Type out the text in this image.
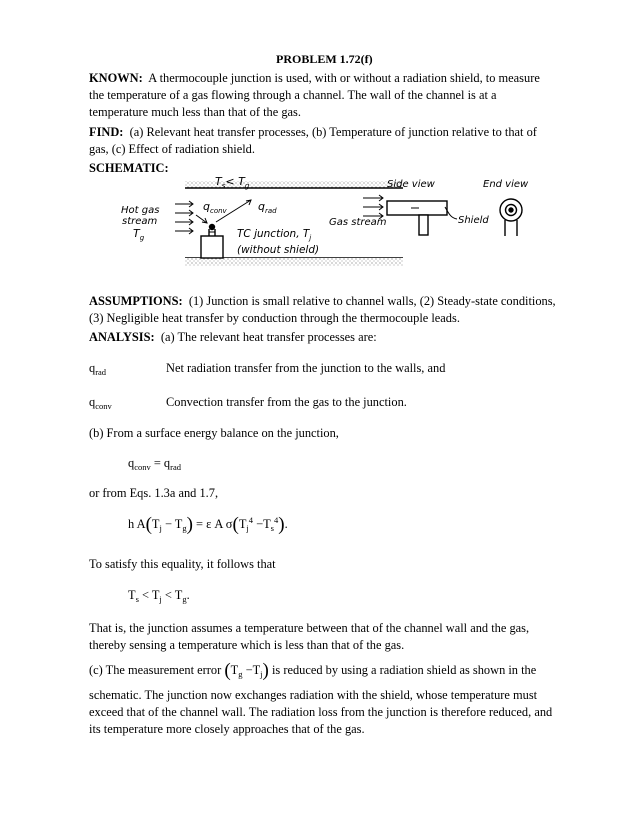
PROBLEM 1.72(f)
KNOWN: A thermocouple junction is used, with or without a radiation shield, to measure
the temperature of a gas flowing through a channel. The wall of the channel is at a
temperature much less than that of the gas.
FIND: (a) Relevant heat transfer processes, (b) Temperature of junction relative to that of
gas, (c) Effect of radiation shield.
SCHEMATIC:
$T_s< T_g$
$q_{conv}$	$q_{rad}$
Hot gas
stream
$T_g$	TC junction, $T_j$
(without shield)
Side view	End view
Gas stream	Shield
ASSUMPTIONS: (1) Junction is small relative to channel walls, (2) Steady-state conditions,
(3) Negligible heat transfer by conduction through the thermocouple leads.
ANALYSIS: (a) The relevant heat transfer processes are:
$q_{rad}$	Net radiation transfer from the junction to the walls, and
$q_{conv}$	Convection transfer from the gas to the junction.
(b) From a surface energy balance on the junction,
$q_{conv} = q_{rad}$
or from Eqs. 1.3a and 1.7,
h $A(T_j - T_g) = \varepsilon$ A $\sigma(T_j^4 -T_s^4)$.
To satisfy this equality, it follows that
$T_s < T_j < T_g$.
That is, the junction assumes a temperature between that of the channel wall and the gas,
thereby sensing a temperature which is less than that of the gas.
(c) The measurement error $(T_g -T_j)$ is reduced by using a radiation shield as shown in the
schematic. The junction now exchanges radiation with the shield, whose temperature must
exceed that of the channel wall. The radiation loss from the junction is therefore reduced, and
its temperature more closely approaches that of the gas.
